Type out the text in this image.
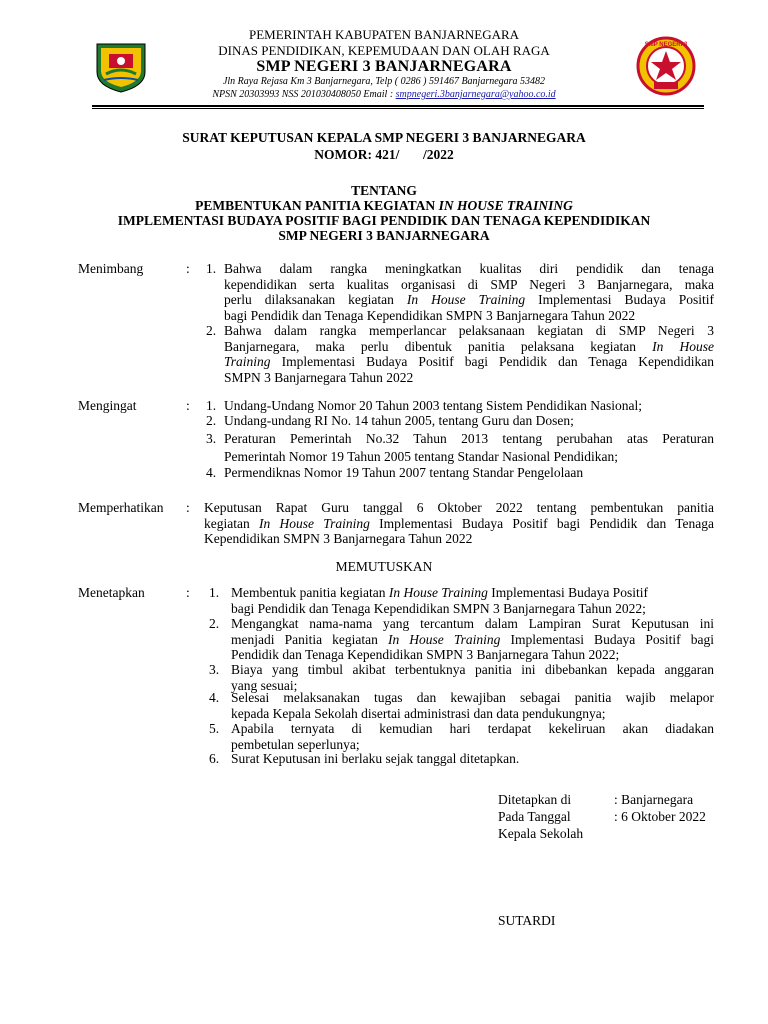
SMP NEGERI 3
PEMERINTAH KABUPATEN BANJARNEGARA
DINAS PENDIDIKAN, KEPEMUDAAN DAN OLAH RAGA
SMP NEGERI 3 BANJARNEGARA
Jln Raya Rejasa Km 3 Banjarnegara, Telp ( 0286 ) 591467 Banjarnegara 53482
NPSN 20303993 NSS 201030408050 Email : smpnegeri.3banjarnegara@yahoo.co.id
SURAT KEPUTUSAN KEPALA SMP NEGERI 3 BANJARNEGARA
NOMOR: 421/       /2022
TENTANG
PEMBENTUKAN PANITIA KEGIATAN IN HOUSE TRAINING
IMPLEMENTASI BUDAYA POSITIF BAGI PENDIDIK DAN TENAGA KEPENDIDIKAN
SMP NEGERI 3 BANJARNEGARA
Menimbang	: 1. Bahwa dalam rangka meningkatkan kualitas diri pendidik dan tenaga
kependidikan serta kualitas organisasi di SMP Negeri 3 Banjarnegara, maka
perlu dilaksanakan kegiatan In House Training Implementasi Budaya Positif
bagi Pendidik dan Tenaga Kependidikan SMPN 3 Banjarnegara Tahun 2022
2. Bahwa dalam rangka memperlancar pelaksanaan kegiatan di SMP Negeri 3
Banjarnegara, maka perlu dibentuk panitia pelaksana kegiatan In House
Training Implementasi Budaya Positif bagi Pendidik dan Tenaga Kependidikan
SMPN 3 Banjarnegara Tahun 2022
Mengingat	: 1. Undang-Undang Nomor 20 Tahun 2003 tentang Sistem Pendidikan Nasional;
2. Undang-undang RI No. 14 tahun 2005, tentang Guru dan Dosen;
3. Peraturan Pemerintah No.32 Tahun 2013 tentang perubahan atas Peraturan
Pemerintah Nomor 19 Tahun 2005 tentang Standar Nasional Pendidikan;
4. Permendiknas Nomor 19 Tahun 2007 tentang Standar Pengelolaan
Memperhatikan : Keputusan Rapat Guru tanggal 6 Oktober 2022 tentang pembentukan panitia
kegiatan In House Training Implementasi Budaya Positif bagi Pendidik dan Tenaga
Kependidikan SMPN 3 Banjarnegara Tahun 2022
MEMUTUSKAN
Menetapkan	: 1. Membentuk panitia kegiatan In House Training Implementasi Budaya Positif
bagi Pendidik dan Tenaga Kependidikan SMPN 3 Banjarnegara Tahun 2022;
2. Mengangkat nama-nama yang tercantum dalam Lampiran Surat Keputusan ini
menjadi Panitia kegiatan In House Training Implementasi Budaya Positif bagi
Pendidik dan Tenaga Kependidikan SMPN 3 Banjarnegara Tahun 2022;
3. Biaya yang timbul akibat terbentuknya panitia ini dibebankan kepada anggaran
yang sesuai;
4. Selesai melaksanakan tugas dan kewajiban sebagai panitia wajib melapor
kepada Kepala Sekolah disertai administrasi dan data pendukungnya;
5. Apabila ternyata di kemudian hari terdapat kekeliruan akan diadakan
pembetulan seperlunya;
6. Surat Keputusan ini berlaku sejak tanggal ditetapkan.
Ditetapkan di	: Banjarnegara
Pada Tanggal	: 6 Oktober 2022
Kepala Sekolah
SUTARDI
